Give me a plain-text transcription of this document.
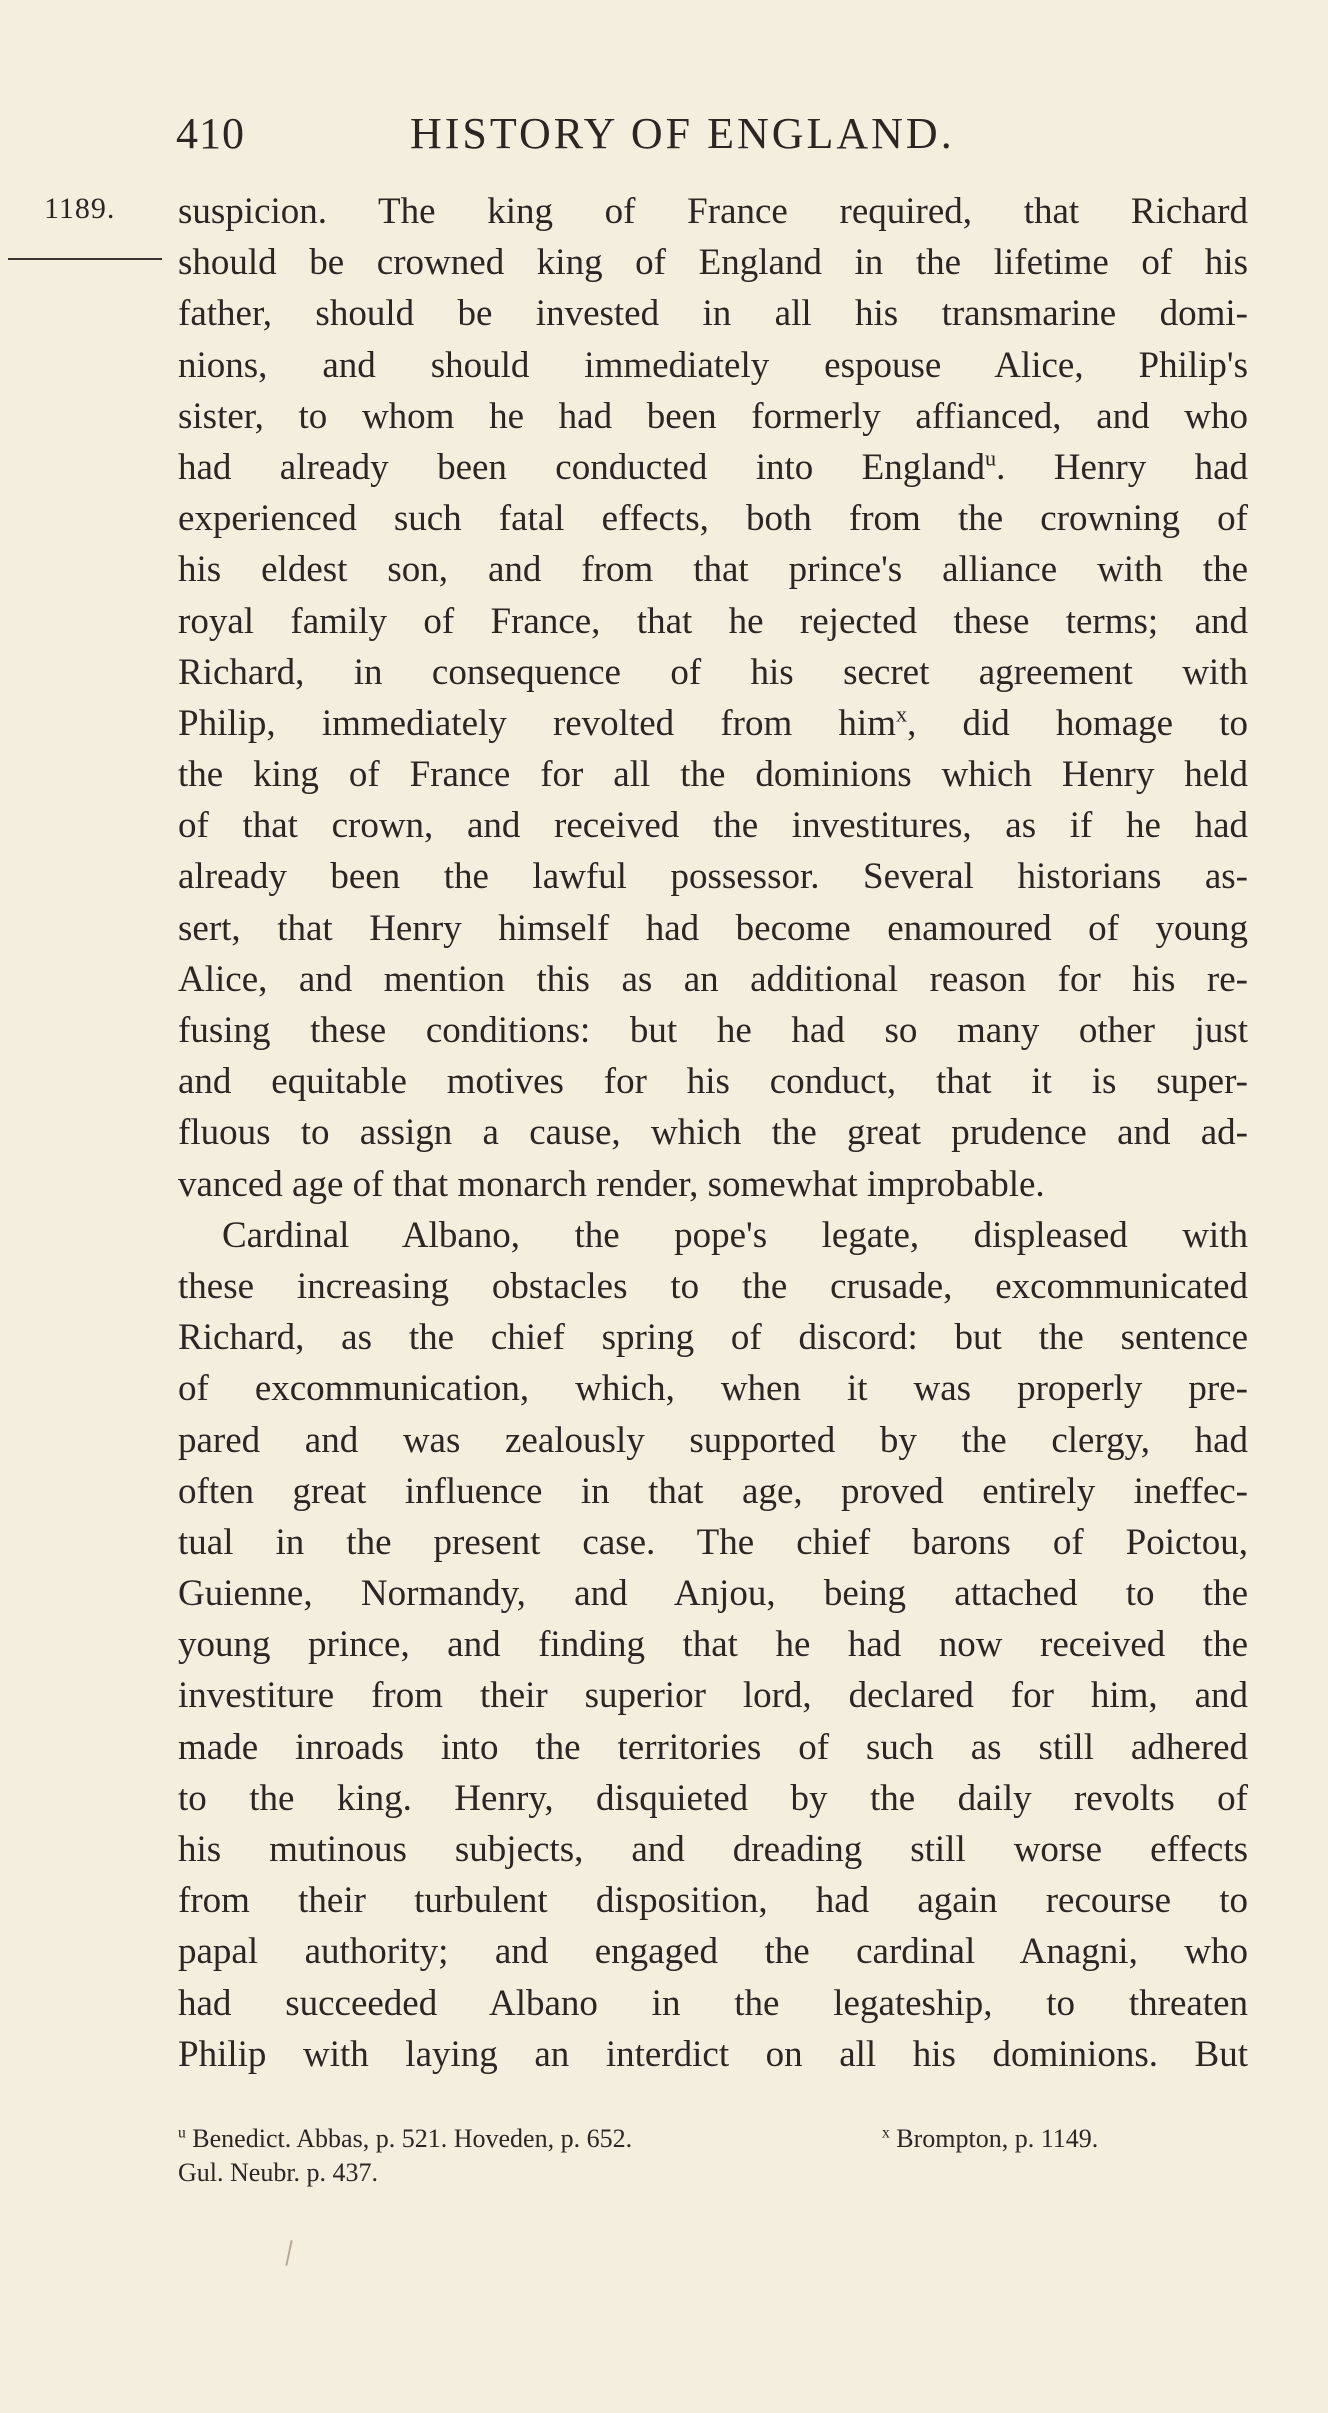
410	HISTORY OF ENGLAND.
1189. suspicion. The king of France required, that Richard
should be crowned king of England in the lifetime of his
father, should be invested in all his transmarine domi-
nions, and should immediately espouse Alice, Philip's
sister, to whom he had been formerly affianced, and who
had already been conducted into England$^u$. Henry had
experienced such fatal effects, both from the crowning of
his eldest son, and from that prince's alliance with the
royal family of France, that he rejected these terms; and
Richard, in consequence of his secret agreement with
Philip, immediately revolted from him$^x$, did homage to
the king of France for all the dominions which Henry held
of that crown, and received the investitures, as if he had
already been the lawful possessor. Several historians as-
sert, that Henry himself had become enamoured of young
Alice, and mention this as an additional reason for his re-
fusing these conditions: but he had so many other just
and equitable motives for his conduct, that it is super-
fluous to assign a cause, which the great prudence and ad-
vanced age of that monarch render, somewhat improbable.
Cardinal Albano, the pope's legate, displeased with
these increasing obstacles to the crusade, excommunicated
Richard, as the chief spring of discord: but the sentence
of excommunication, which, when it was properly pre-
pared and was zealously supported by the clergy, had
often great influence in that age, proved entirely ineffec-
tual in the present case. The chief barons of Poictou,
Guienne, Normandy, and Anjou, being attached to the
young prince, and finding that he had now received the
investiture from their superior lord, declared for him, and
made inroads into the territories of such as still adhered
to the king. Henry, disquieted by the daily revolts of
his mutinous subjects, and dreading still worse effects
from their turbulent disposition, had again recourse to
papal authority; and engaged the cardinal Anagni, who
had succeeded Albano in the legateship, to threaten
Philip with laying an interdict on all his dominions. But
$^u$ Benedict. Abbas, p. 521. Hoveden, p. 652.	$^x$ Brompton, p. 1149.
Gul. Neubr. p. 437.
